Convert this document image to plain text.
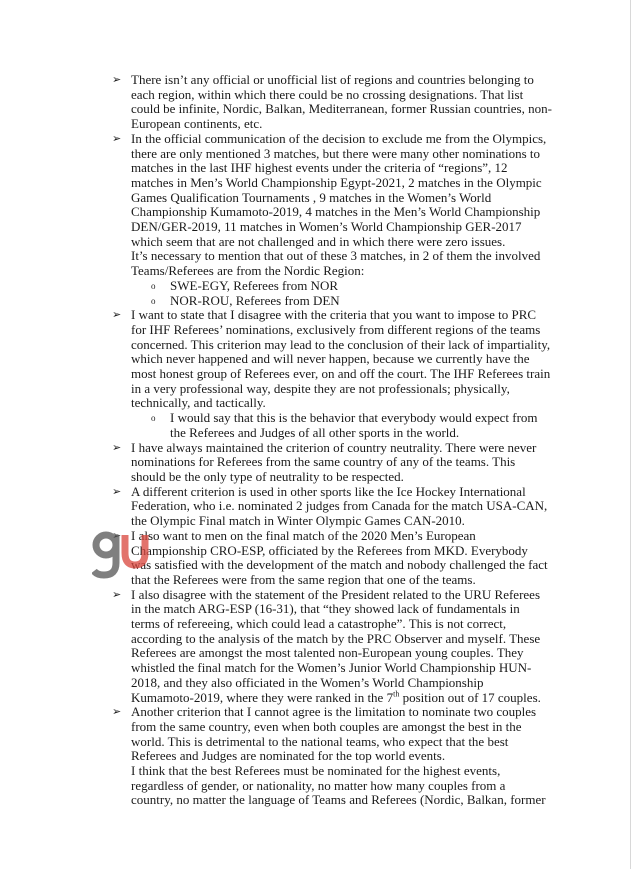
➢ There isn’t any official or unofficial list of regions and countries belonging to
each region, within which there could be no crossing designations. That list
could be infinite, Nordic, Balkan, Mediterranean, former Russian countries, non-
European continents, etc.
➢ In the official communication of the decision to exclude me from the Olympics,
there are only mentioned 3 matches, but there were many other nominations to
matches in the last IHF highest events under the criteria of “regions”, 12
matches in Men’s World Championship Egypt-2021, 2 matches in the Olympic
Games Qualification Tournaments , 9 matches in the Women’s World
Championship Kumamoto-2019, 4 matches in the Men’s World Championship
DEN/GER-2019, 11 matches in Women’s World Championship GER-2017
which seem that are not challenged and in which there were zero issues.
It’s necessary to mention that out of these 3 matches, in 2 of them the involved
Teams/Referees are from the Nordic Region:
o SWE-EGY, Referees from NOR
o NOR-ROU, Referees from DEN
➢ I want to state that I disagree with the criteria that you want to impose to PRC
for IHF Referees’ nominations, exclusively from different regions of the teams
concerned. This criterion may lead to the conclusion of their lack of impartiality,
which never happened and will never happen, because we currently have the
most honest group of Referees ever, on and off the court. The IHF Referees train
in a very professional way, despite they are not professionals; physically,
technically, and tactically.
o I would say that this is the behavior that everybody would expect from
the Referees and Judges of all other sports in the world.
➢ I have always maintained the criterion of country neutrality. There were never
nominations for Referees from the same country of any of the teams. This
should be the only type of neutrality to be respected.
➢ A different criterion is used in other sports like the Ice Hockey International
Federation, who i.e. nominated 2 judges from Canada for the match USA-CAN,
the Olympic Final match in Winter Olympic Games CAN-2010.
➢ I also want to men on the final match of the 2020 Men’s European
Championship CRO-ESP, officiated by the Referees from MKD. Everybody
was satisfied with the development of the match and nobody challenged the fact
that the Referees were from the same region that one of the teams.
➢ I also disagree with the statement of the President related to the URU Referees
in the match ARG-ESP (16-31), that “they showed lack of fundamentals in
terms of refereeing, which could lead a catastrophe”. This is not correct,
according to the analysis of the match by the PRC Observer and myself. These
Referees are amongst the most talented non-European young couples. They
whistled the final match for the Women’s Junior World Championship HUN-
2018, and they also officiated in the Women’s World Championship
Kumamoto-2019, where they were ranked in the 7th position out of 17 couples.
➢ Another criterion that I cannot agree is the limitation to nominate two couples
from the same country, even when both couples are amongst the best in the
world. This is detrimental to the national teams, who expect that the best
Referees and Judges are nominated for the top world events.
I think that the best Referees must be nominated for the highest events,
regardless of gender, or nationality, no matter how many couples from a
country, no matter the language of Teams and Referees (Nordic, Balkan, former
